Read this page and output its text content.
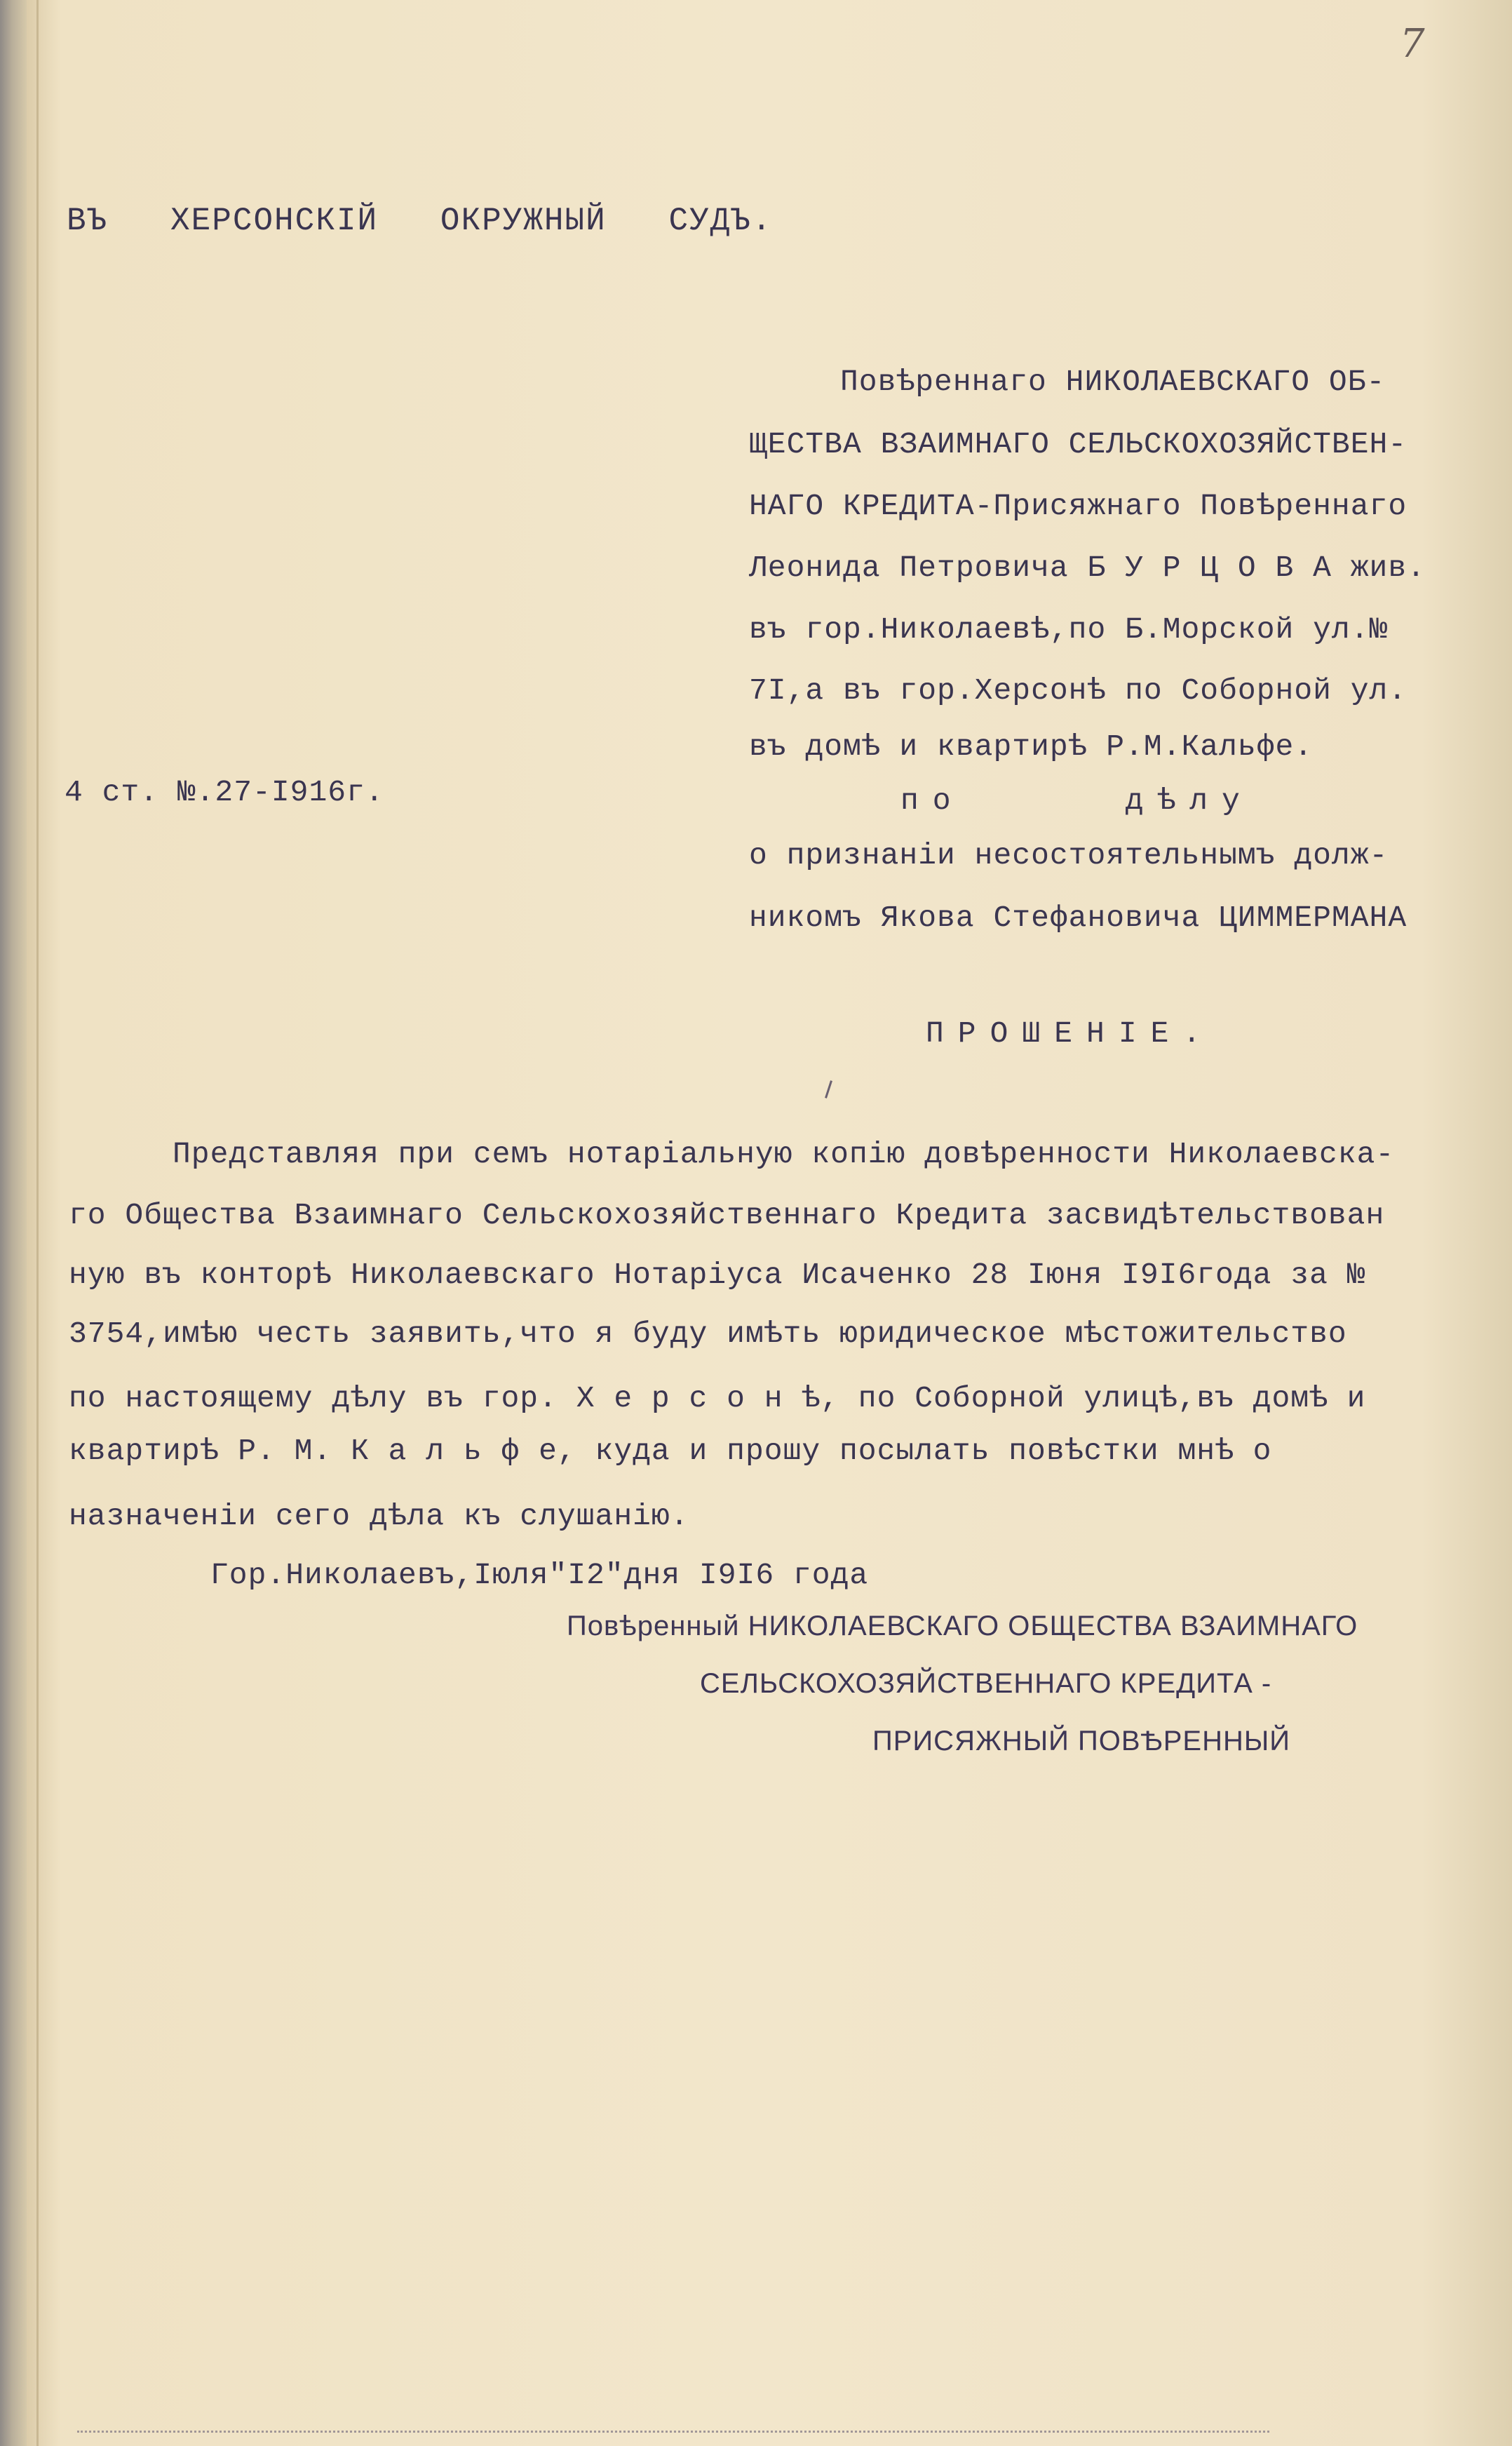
7
ВЪ   ХЕРСОНСКIЙ   ОКРУЖНЫЙ   СУДЪ.
Повѣреннаго НИКОЛАЕВСКАГО ОБ-
ЩЕСТВА ВЗАИМНАГО СЕЛЬСКОХОЗЯЙСТВЕН-
НАГО КРЕДИТА-Присяжнаго Повѣреннаго
Леонида Петровича Б У Р Ц О В А жив.
въ гор.Николаевѣ,по Б.Морской ул.№
7I,а въ гор.Херсонѣ по Соборной ул.
въ домѣ и квартирѣ Р.М.Кальфе.
4 ст. №.27-I916г.	по     дѣлу
о признанiи несостоятельнымъ долж-
никомъ Якова Стефановича ЦИММЕРМАНА
ПРОШЕНIЕ.
Представляя при семъ нотарiальную копiю довѣренности Николаевска-
го Общества Взаимнаго Сельскохозяйственнаго Кредита засвидѣтельствован
ную въ конторѣ Николаевскаго Нотарiуса Исаченко 28 Iюня I9I6года за №
3754,имѣю честь заявить,что я буду имѣть юридическое мѣстожительство
по настоящему дѣлу въ гор. Х е р с о н ѣ, по Соборной улицѣ,въ домѣ и
квартирѣ Р. М. К а л ь ф е, куда и прошу посылать повѣстки мнѣ о
назначенiи сего дѣла къ слушанiю.
Гор.Николаевъ,Iюля"I2"дня I9I6 года
Повѣренный НИКОЛАЕВСКАГО ОБЩЕСТВА ВЗАИМНАГО
СЕЛЬСКОХОЗЯЙСТВЕННАГО КРЕДИТА -
ПРИСЯЖНЫЙ ПОВѢРЕННЫЙ
